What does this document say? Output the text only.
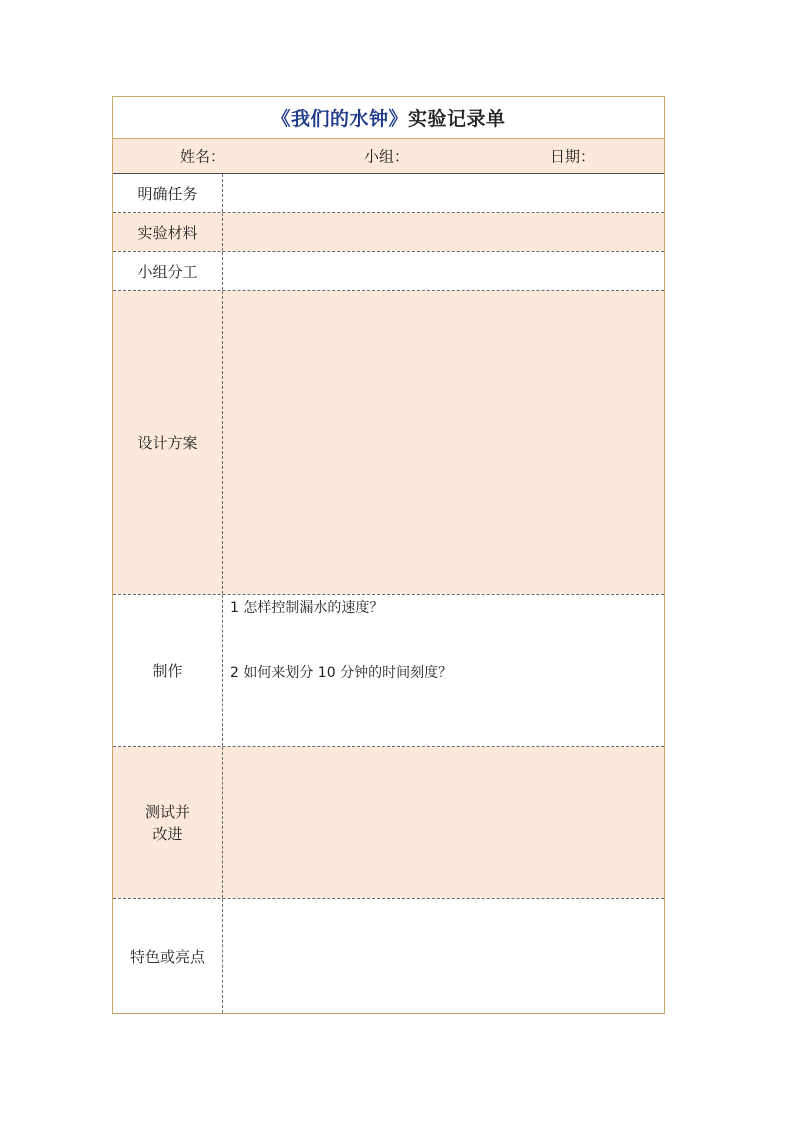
《我们的水钟》实验记录单
姓名：	小组：	日期：
明确任务
实验材料
小组分工
设计方案
制作
1 怎样控制漏水的速度？
2 如何来划分 10 分钟的时间刻度？
测试并
改进
特色或亮点
